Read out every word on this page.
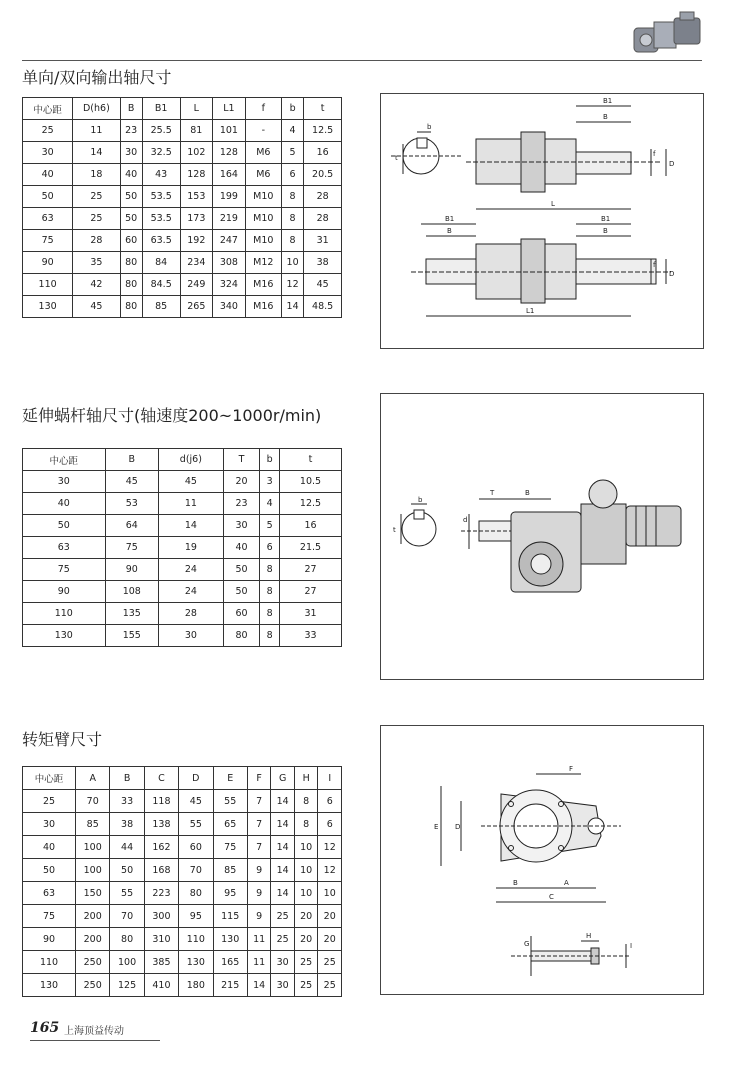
单向/双向输出轴尺寸
中心距	D(h6)	B	B1	L	L1	f	b	t
25	11	23	25.5	81	101	-	4	12.5
30	14	30	32.5	102	128	M6	5	16
40	18	40	43	128	164	M6	6	20.5
50	25	50	53.5	153	199	M10	8	28
63	25	50	53.5	173	219	M10	8	28
75	28	60	63.5	192	247	M10	8	31
90	35	80	84	234	308	M12	10	38
110	42	80	84.5	249	324	M16	12	45
130	45	80	85	265	340	M16	14	48.5
b
t
B1
B
L
f
D
B1
B
B1
B
L1
f
D
延伸蜗杆轴尺寸(轴速度200~1000r/min)
中心距	B	d(j6)	T	b	t
30	45	45	20	3	10.5
40	53	11	23	4	12.5
50	64	14	30	5	16
63	75	19	40	6	21.5
75	90	24	50	8	27
90	108	24	50	8	27
110	135	28	60	8	31
130	155	30	80	8	33
b
t
d
T	B
转矩臂尺寸
中心距	A	B	C	D	E	F	G	H	I
25	70	33	118	45	55	7	14	8	6
30	85	38	138	55	65	7	14	8	6
40	100	44	162	60	75	7	14	10	12
50	100	50	168	70	85	9	14	10	12
63	150	55	223	80	95	9	14	10	10
75	200	70	300	95	115	9	25	20	20
90	200	80	310	110	130	11	25	20	20
110	250	100	385	130	165	11	30	25	25
130	250	125	410	180	215	14	30	25	25
F
E D
B	A
C
G
H
I
165 上海顶益传动
